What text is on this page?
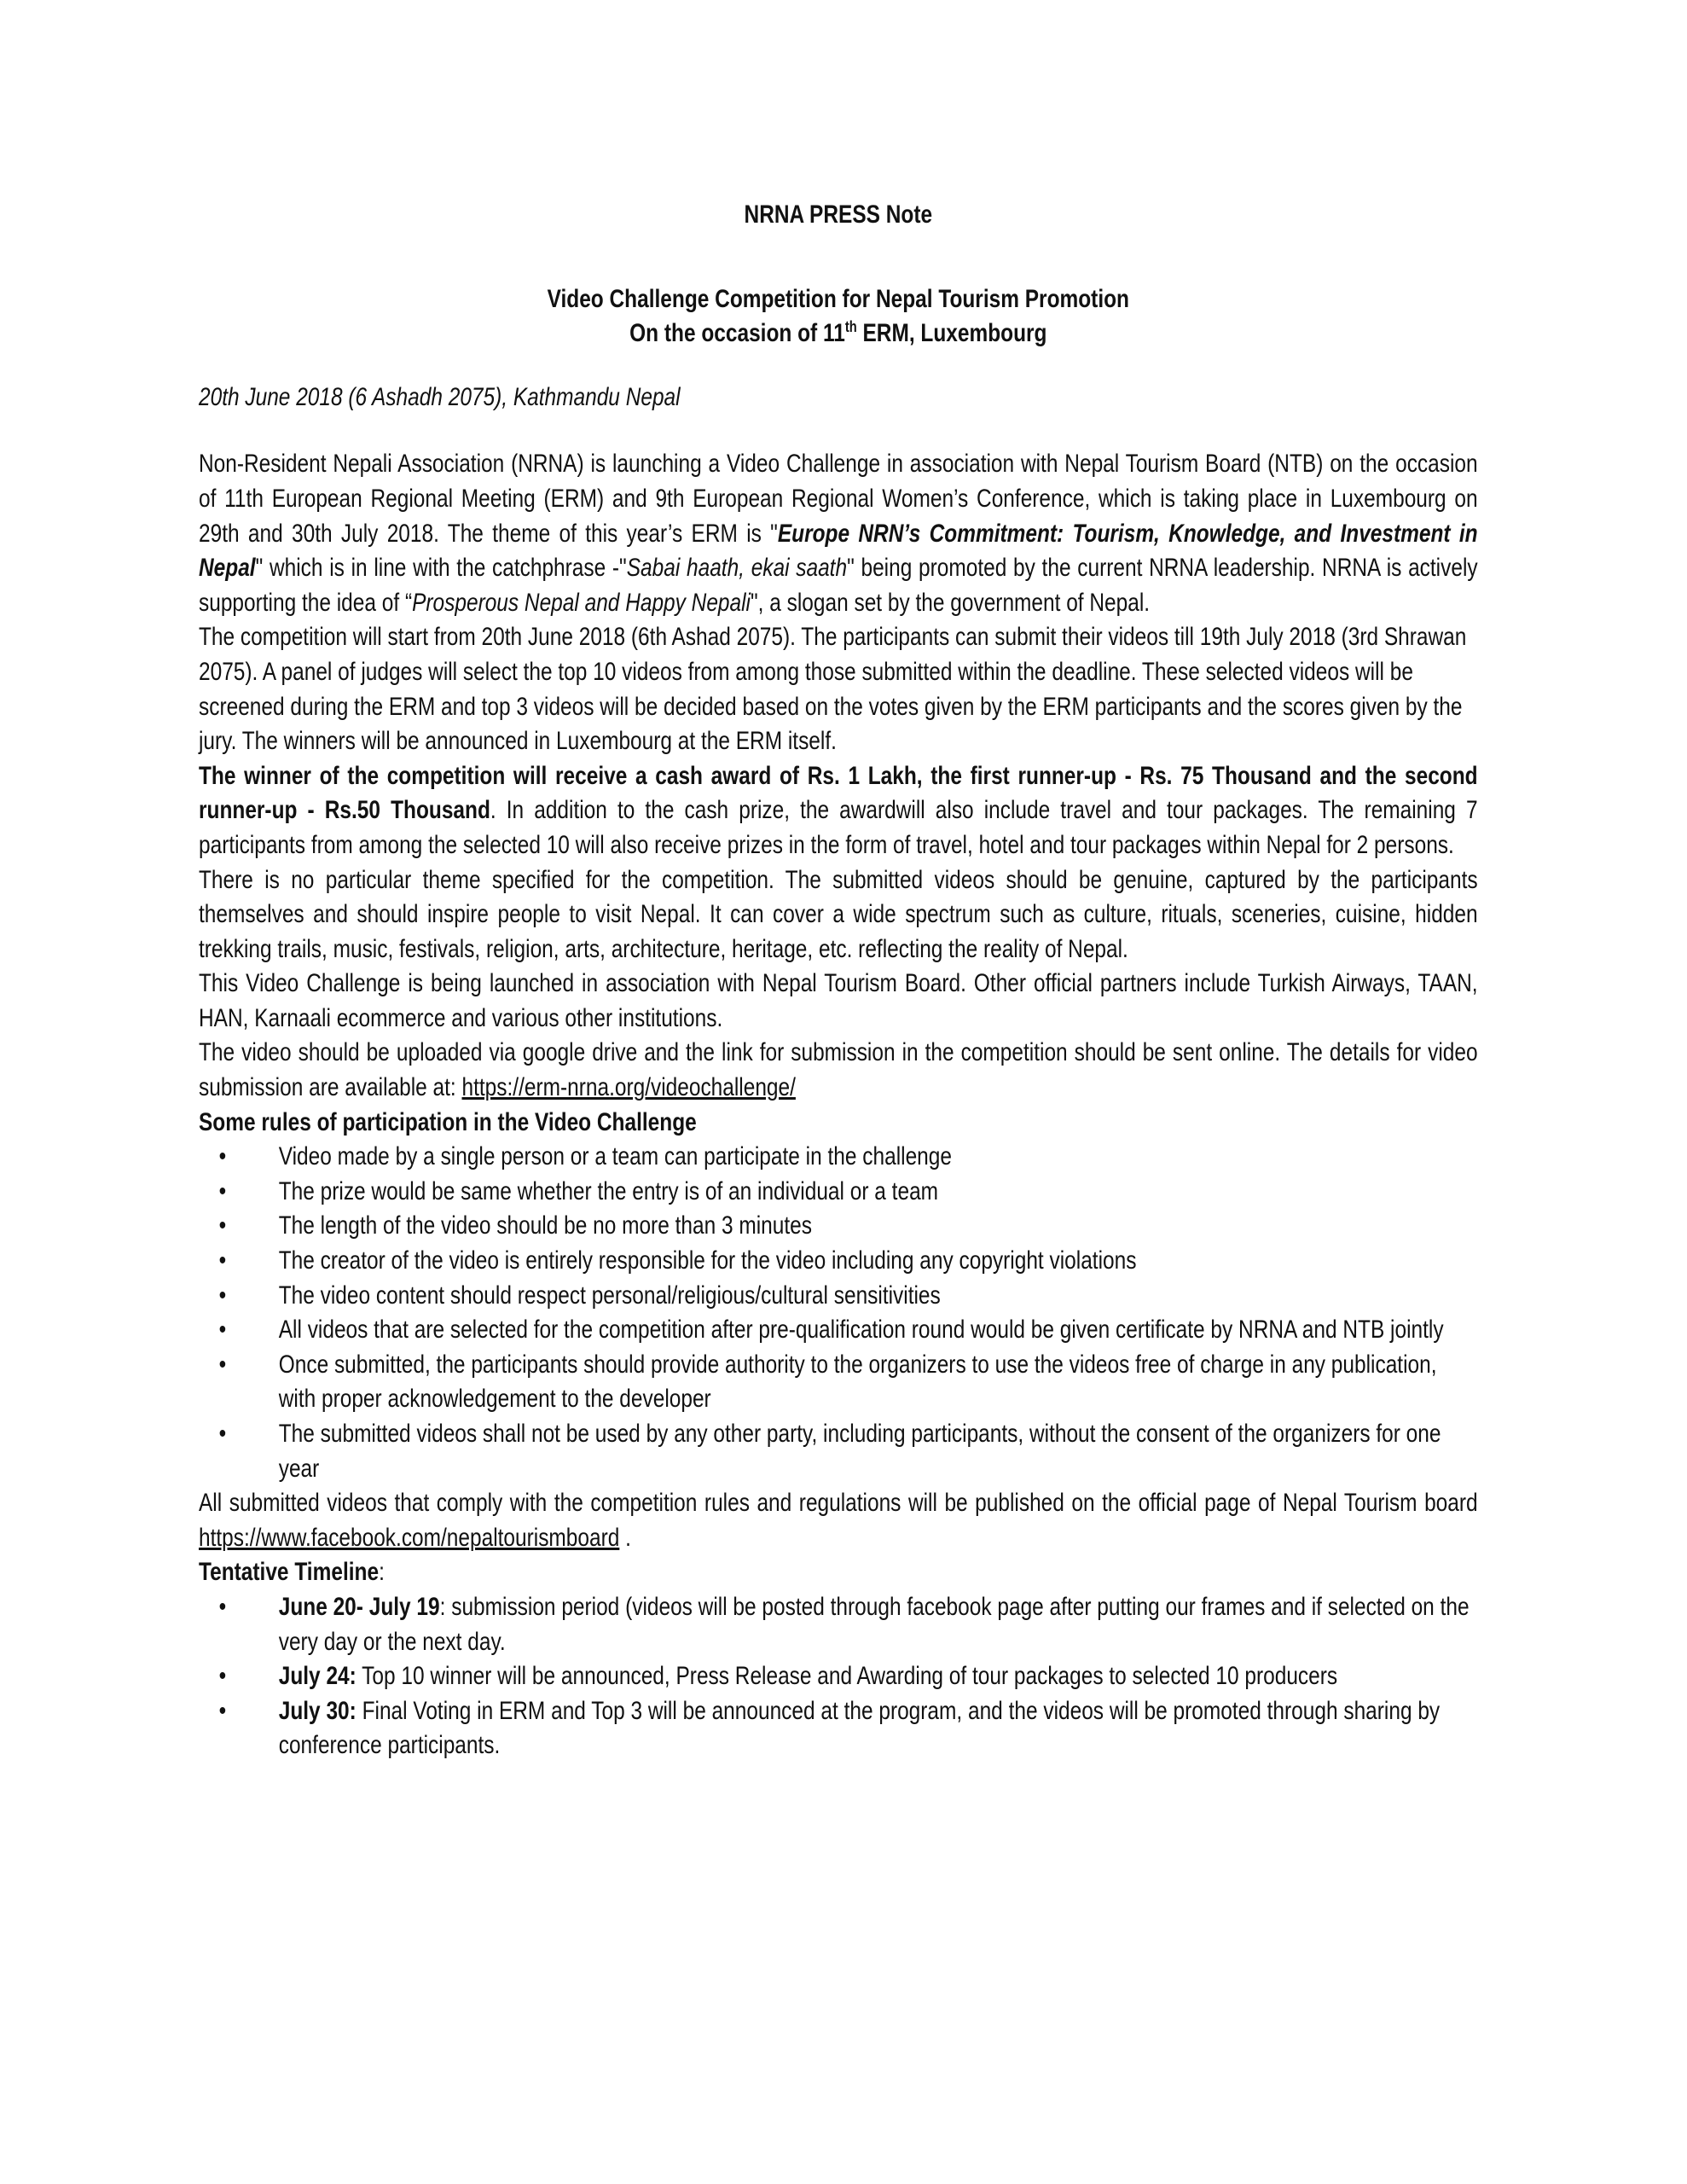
NRNA PRESS Note
Video Challenge Competition for Nepal Tourism Promotion
On the occasion of 11th ERM, Luxembourg
20th June 2018 (6 Ashadh 2075), Kathmandu Nepal

Non-Resident Nepali Association (NRNA) is launching a Video Challenge in association with Nepal Tourism Board (NTB) on the occasion of 11th European Regional Meeting (ERM) and 9th European Regional Women’s Conference, which is taking place in Luxembourg on 29th and 30th July 2018. The theme of this year’s ERM is "Europe NRN’s Commitment: Tourism, Knowledge, and Investment in Nepal" which is in line with the catchphrase -"Sabai haath, ekai saath" being promoted by the current NRNA leadership. NRNA is actively supporting the idea of “Prosperous Nepal and Happy Nepali", a slogan set by the government of Nepal.

The competition will start from 20th June 2018 (6th Ashad 2075). The participants can submit their videos till 19th July 2018 (3rd Shrawan 2075). A panel of judges will select the top 10 videos from among those submitted within the deadline. These selected videos will be screened during the ERM and top 3 videos will be decided based on the votes given by the ERM participants and the scores given by the jury. The winners will be announced in Luxembourg at the ERM itself.

The winner of the competition will receive a cash award of Rs. 1 Lakh, the first runner-up - Rs. 75 Thousand and the second runner-up - Rs.50 Thousand. In addition to the cash prize, the awardwill also include travel and tour packages. The remaining 7 participants from among the selected 10 will also receive prizes in the form of travel, hotel and tour packages within Nepal for 2 persons.

There is no particular theme specified for the competition. The submitted videos should be genuine, captured by the participants themselves and should inspire people to visit Nepal. It can cover a wide spectrum such as culture, rituals, sceneries, cuisine, hidden trekking trails, music, festivals, religion, arts, architecture, heritage, etc. reflecting the reality of Nepal.

This Video Challenge is being launched in association with Nepal Tourism Board. Other official partners include Turkish Airways, TAAN, HAN, Karnaali ecommerce and various other institutions.

The video should be uploaded via google drive and the link for submission in the competition should be sent online. The details for video submission are available at: https://erm-nrna.org/videochallenge/

Some rules of participation in the Video Challenge
• Video made by a single person or a team can participate in the challenge
• The prize would be same whether the entry is of an individual or a team
• The length of the video should be no more than 3 minutes
• The creator of the video is entirely responsible for the video including any copyright violations
• The video content should respect personal/religious/cultural sensitivities
• All videos that are selected for the competition after pre-qualification round would be given certificate by NRNA and NTB jointly
• Once submitted, the participants should provide authority to the organizers to use the videos free of charge in any publication, with proper acknowledgement to the developer
• The submitted videos shall not be used by any other party, including participants, without the consent of the organizers for one year

All submitted videos that comply with the competition rules and regulations will be published on the official page of Nepal Tourism board https://www.facebook.com/nepaltourismboard .

Tentative Timeline:
• June 20- July 19: submission period (videos will be posted through facebook page after putting our frames and if selected on the very day or the next day.
• July 24: Top 10 winner will be announced, Press Release and Awarding of tour packages to selected 10 producers
• July 30: Final Voting in ERM and Top 3 will be announced at the program, and the videos will be promoted through sharing by conference participants.
